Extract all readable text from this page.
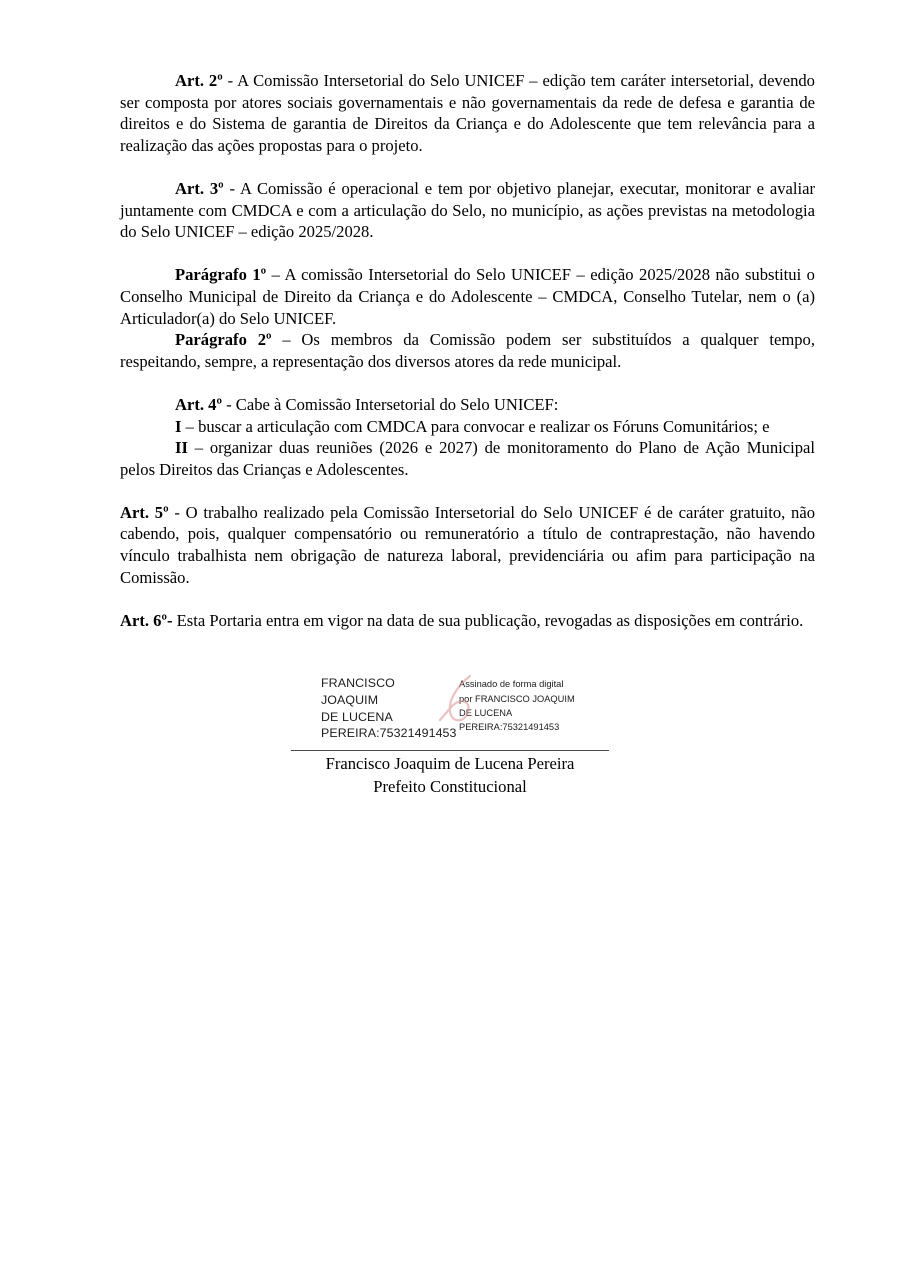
Art. 2º - A Comissão Intersetorial do Selo UNICEF – edição tem caráter intersetorial, devendo ser composta por atores sociais governamentais e não governamentais da rede de defesa e garantia de direitos e do Sistema de garantia de Direitos da Criança e do Adolescente que tem relevância para a realização das ações propostas para o projeto.

Art. 3º - A Comissão é operacional e tem por objetivo planejar, executar, monitorar e avaliar juntamente com CMDCA e com a articulação do Selo, no município, as ações previstas na metodologia do Selo UNICEF – edição 2025/2028.

Parágrafo 1º – A comissão Intersetorial do Selo UNICEF – edição 2025/2028 não substitui o Conselho Municipal de Direito da Criança e do Adolescente – CMDCA, Conselho Tutelar, nem o (a) Articulador(a) do Selo UNICEF.

Parágrafo 2º – Os membros da Comissão podem ser substituídos a qualquer tempo, respeitando, sempre, a representação dos diversos atores da rede municipal.

Art. 4º - Cabe à Comissão Intersetorial do Selo UNICEF:

I – buscar a articulação com CMDCA para convocar e realizar os Fóruns Comunitários; e

II – organizar duas reuniões (2026 e 2027) de monitoramento do Plano de Ação Municipal pelos Direitos das Crianças e Adolescentes.

Art. 5º - O trabalho realizado pela Comissão Intersetorial do Selo UNICEF é de caráter gratuito, não cabendo, pois, qualquer compensatório ou remuneratório a título de contraprestação, não havendo vínculo trabalhista nem obrigação de natureza laboral, previdenciária ou afim para participação na Comissão.

Art. 6º- Esta Portaria entra em vigor na data de sua publicação, revogadas as disposições em contrário.

FRANCISCO JOAQUIM
DE LUCENA
PEREIRA:75321491453
Assinado de forma digital
por FRANCISCO JOAQUIM
DE LUCENA
PEREIRA:75321491453
Francisco Joaquim de Lucena Pereira
Prefeito Constitucional
